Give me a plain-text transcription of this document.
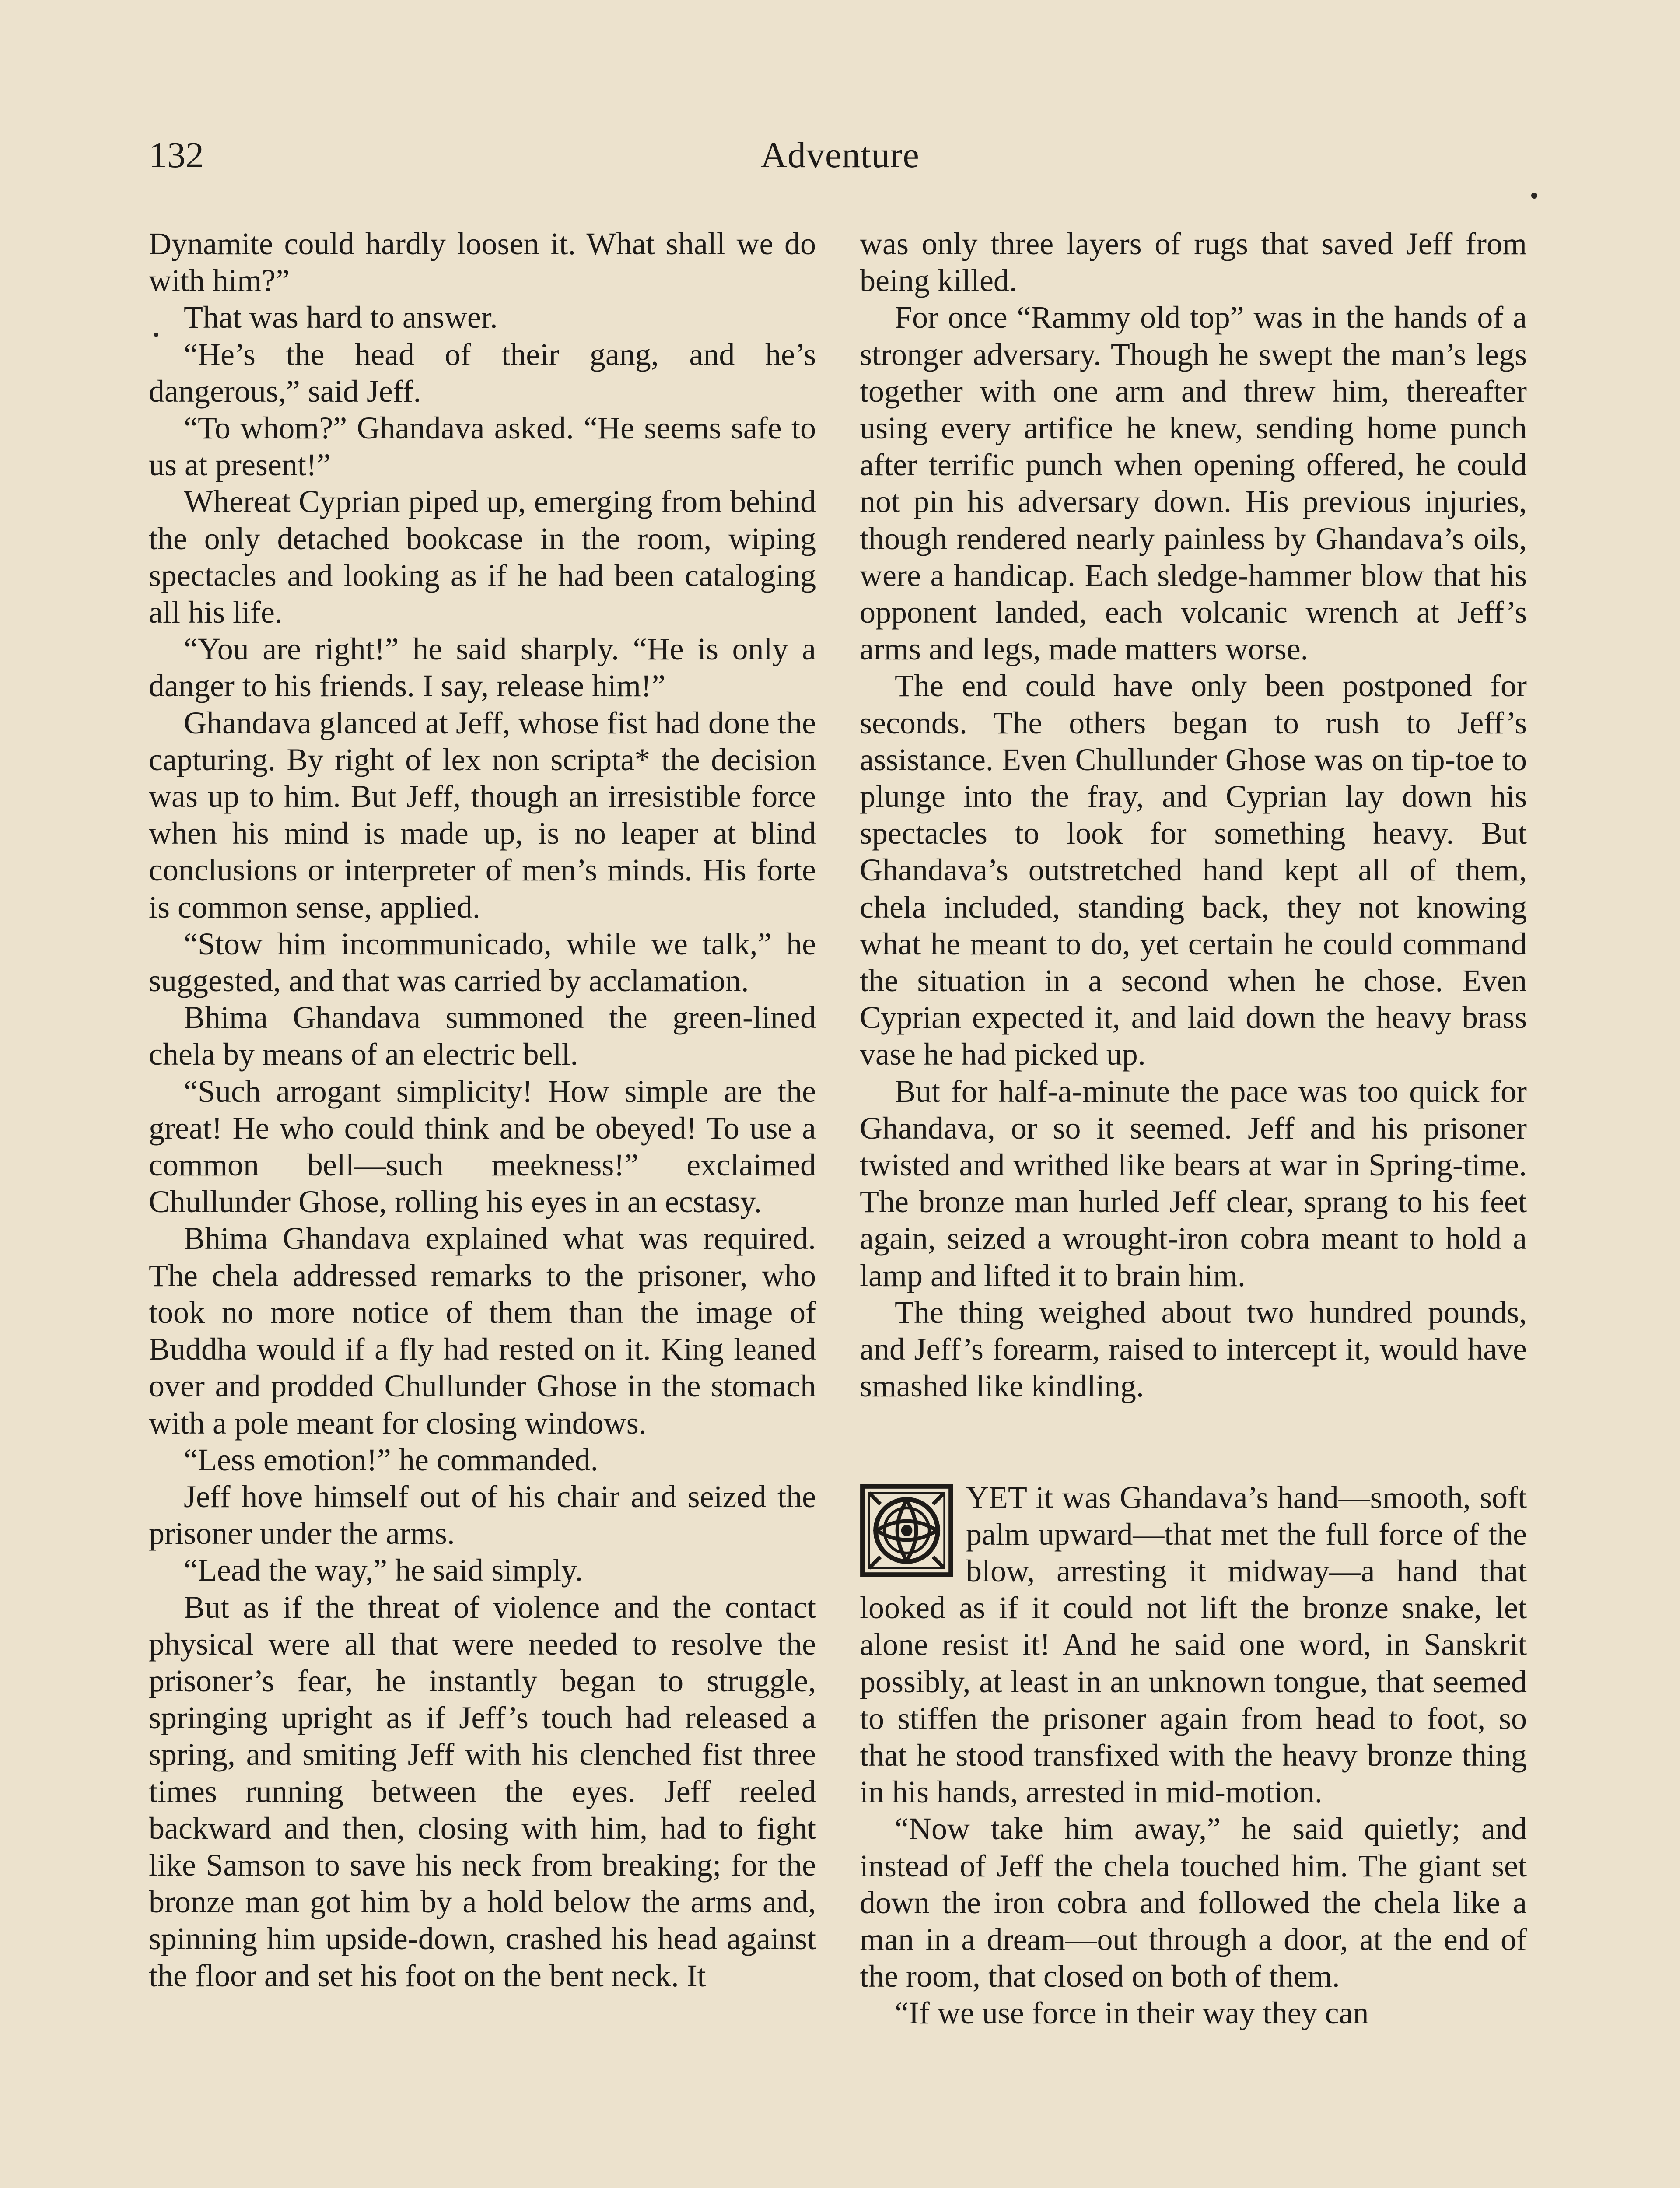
132	Adventure

Dynamite could hardly loosen it. What shall we do with him?”

That was hard to answer.

“He’s the head of their gang, and he’s dangerous,” said Jeff.

“To whom?” Ghandava asked. “He seems safe to us at present!”

Whereat Cyprian piped up, emerging from behind the only detached bookcase in the room, wiping spectacles and looking as if he had been cataloging all his life.

“You are right!” he said sharply. “He is only a danger to his friends. I say, release him!”

Ghandava glanced at Jeff, whose fist had done the capturing. By right of lex non scripta* the decision was up to him. But Jeff, though an irresistible force when his mind is made up, is no leaper at blind conclusions or interpreter of men’s minds. His forte is common sense, applied.

“Stow him incommunicado, while we talk,” he suggested, and that was carried by acclamation.

Bhima Ghandava summoned the green-lined chela by means of an electric bell.

“Such arrogant simplicity! How simple are the great! He who could think and be obeyed! To use a common bell—such meekness!” exclaimed Chullunder Ghose, rolling his eyes in an ecstasy.

Bhima Ghandava explained what was required. The chela addressed remarks to the prisoner, who took no more notice of them than the image of Buddha would if a fly had rested on it. King leaned over and prodded Chullunder Ghose in the stomach with a pole meant for closing windows.

“Less emotion!” he commanded.

Jeff hove himself out of his chair and seized the prisoner under the arms.

“Lead the way,” he said simply.

But as if the threat of violence and the contact physical were all that were needed to resolve the prisoner’s fear, he instantly began to struggle, springing upright as if Jeff’s touch had released a spring, and smiting Jeff with his clenched fist three times running between the eyes. Jeff reeled backward and then, closing with him, had to fight like Samson to save his neck from breaking; for the bronze man got him by a hold below the arms and, spinning him upside-down, crashed his head against the floor and set his foot on the bent neck. It

was only three layers of rugs that saved Jeff from being killed.

For once “Rammy old top” was in the hands of a stronger adversary. Though he swept the man’s legs together with one arm and threw him, thereafter using every artifice he knew, sending home punch after terrific punch when opening offered, he could not pin his adversary down. His previous injuries, though rendered nearly painless by Ghandava’s oils, were a handicap. Each sledge-hammer blow that his opponent landed, each volcanic wrench at Jeff’s arms and legs, made matters worse.

The end could have only been postponed for seconds. The others began to rush to Jeff’s assistance. Even Chullunder Ghose was on tip-toe to plunge into the fray, and Cyprian lay down his spectacles to look for something heavy. But Ghandava’s outstretched hand kept all of them, chela included, standing back, they not knowing what he meant to do, yet certain he could command the situation in a second when he chose. Even Cyprian expected it, and laid down the heavy brass vase he had picked up.

But for half-a-minute the pace was too quick for Ghandava, or so it seemed. Jeff and his prisoner twisted and writhed like bears at war in Spring-time. The bronze man hurled Jeff clear, sprang to his feet again, seized a wrought-iron cobra meant to hold a lamp and lifted it to brain him.

The thing weighed about two hundred pounds, and Jeff’s forearm, raised to intercept it, would have smashed like kindling.

YET it was Ghandava’s hand—smooth, soft palm upward—that met the full force of the blow, arresting it midway—a hand that looked as if it could not lift the bronze snake, let alone resist it! And he said one word, in Sanskrit possibly, at least in an unknown tongue, that seemed to stiffen the prisoner again from head to foot, so that he stood transfixed with the heavy bronze thing in his hands, arrested in mid-motion.

“Now take him away,” he said quietly; and instead of Jeff the chela touched him. The giant set down the iron cobra and followed the chela like a man in a dream—out through a door, at the end of the room, that closed on both of them.

“If we use force in their way they can
